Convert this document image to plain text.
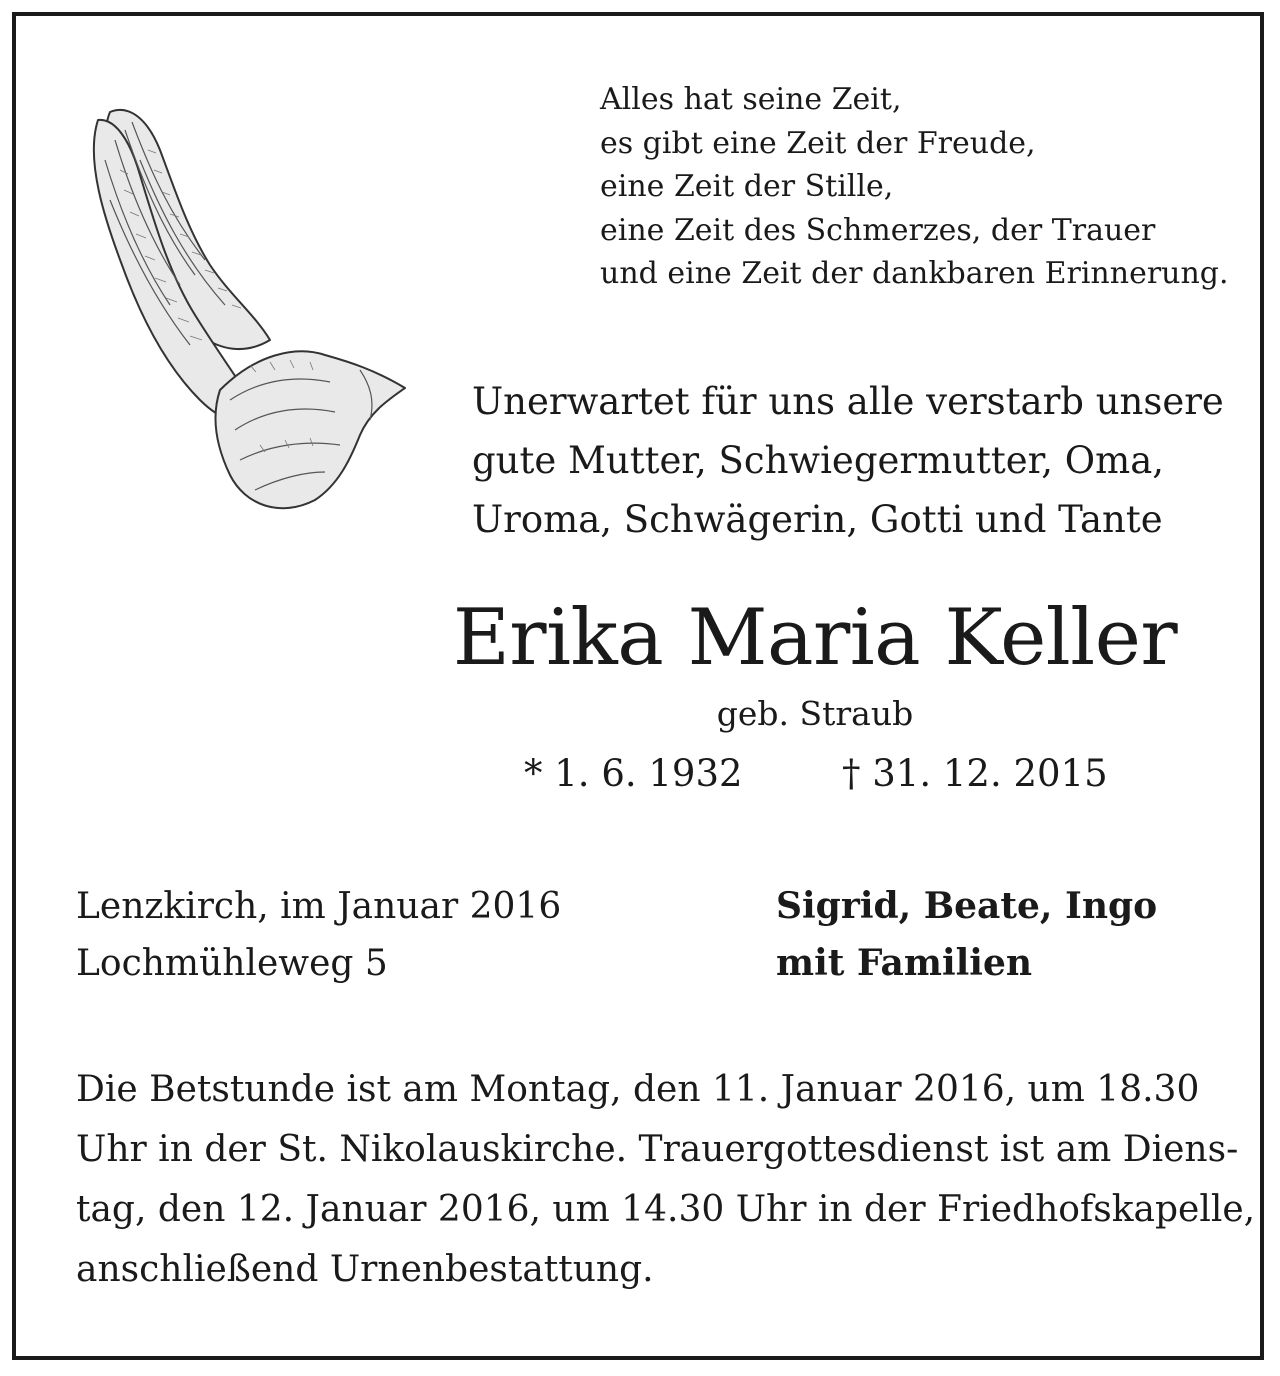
Alles hat seine Zeit,
es gibt eine Zeit der Freude,
eine Zeit der Stille,
eine Zeit des Schmerzes, der Trauer
und eine Zeit der dankbaren Erinnerung.
Unerwartet für uns alle verstarb unsere
gute Mutter, Schwiegermutter, Oma,
Uroma, Schwägerin, Gotti und Tante
Erika Maria Keller
geb. Straub
* 1. 6. 1932	† 31. 12. 2015
Lenzkirch, im Januar 2016
Lochmühleweg 5
Sigrid, Beate, Ingo
mit Familien
Die Betstunde ist am Montag, den 11. Januar 2016, um 18.30
Uhr in der St. Nikolauskirche. Trauergottesdienst ist am Diens-
tag, den 12. Januar 2016, um 14.30 Uhr in der Friedhofskapelle,
anschließend Urnenbestattung.
